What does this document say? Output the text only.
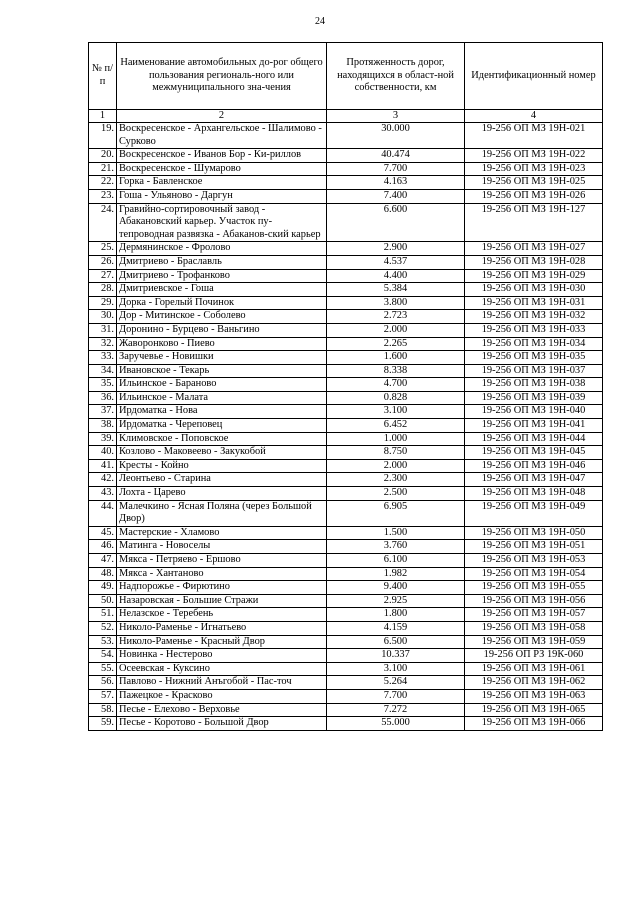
24
№ п/п	Наименование автомобильных до-рог общего пользования региональ-ного или межмуниципального зна-чения	Протяженность дорог, находящихся в област-ной собственности, км	Идентификационный номер
1	2	3	4
19.	Воскресенское - Архангельское - Шалимово - Сурково	30.000	19-256 ОП МЗ 19Н-021
20.	Воскресенское - Иванов Бор - Ки-риллов	40.474	19-256 ОП МЗ 19Н-022
21.	Воскресенское - Шумарово	7.700	19-256 ОП МЗ 19Н-023
22.	Горка - Бавленское	4.163	19-256 ОП МЗ 19Н-025
23.	Гоша - Ульяново - Даргун	7.400	19-256 ОП МЗ 19Н-026
24.	Гравийно-сортировочный завод - Абакановский карьер. Участок пу-тепроводная развязка - Абаканов-ский карьер	6.600	19-256 ОП МЗ 19Н-127
25.	Дермянинское - Фролово	2.900	19-256 ОП МЗ 19Н-027
26.	Дмитриево - Браславль	4.537	19-256 ОП МЗ 19Н-028
27.	Дмитриево - Трофанково	4.400	19-256 ОП МЗ 19Н-029
28.	Дмитриевское - Гоша	5.384	19-256 ОП МЗ 19Н-030
29.	Дорка - Горелый Починок	3.800	19-256 ОП МЗ 19Н-031
30.	Дор - Митинское - Соболево	2.723	19-256 ОП МЗ 19Н-032
31.	Доронино - Бурцево - Ваньгино	2.000	19-256 ОП МЗ 19Н-033
32.	Жаворонково - Пиево	2.265	19-256 ОП МЗ 19Н-034
33.	Заручевье - Новишки	1.600	19-256 ОП МЗ 19Н-035
34.	Ивановское - Текарь	8.338	19-256 ОП МЗ 19Н-037
35.	Ильинское - Бараново	4.700	19-256 ОП МЗ 19Н-038
36.	Ильинское - Малата	0.828	19-256 ОП МЗ 19Н-039
37.	Ирдоматка - Нова	3.100	19-256 ОП МЗ 19Н-040
38.	Ирдоматка - Череповец	6.452	19-256 ОП МЗ 19Н-041
39.	Климовское - Поповское	1.000	19-256 ОП МЗ 19Н-044
40.	Козлово - Маковеево - Закукобой	8.750	19-256 ОП МЗ 19Н-045
41.	Кресты - Койно	2.000	19-256 ОП МЗ 19Н-046
42.	Леонтьево - Старина	2.300	19-256 ОП МЗ 19Н-047
43.	Лохта - Царево	2.500	19-256 ОП МЗ 19Н-048
44.	Малечкино - Ясная Поляна (через Большой Двор)	6.905	19-256 ОП МЗ 19Н-049
45.	Мастерские - Хламово	1.500	19-256 ОП МЗ 19Н-050
46.	Матинга - Новоселы	3.760	19-256 ОП МЗ 19Н-051
47.	Мякса - Петряево - Ершово	6.100	19-256 ОП МЗ 19Н-053
48.	Мякса - Хантаново	1.982	19-256 ОП МЗ 19Н-054
49.	Надпорожье - Фирютино	9.400	19-256 ОП МЗ 19Н-055
50.	Назаровская - Большие Стражи	2.925	19-256 ОП МЗ 19Н-056
51.	Нелазское - Теребень	1.800	19-256 ОП МЗ 19Н-057
52.	Николо-Раменье - Игнатьево	4.159	19-256 ОП МЗ 19Н-058
53.	Николо-Раменье - Красный Двор	6.500	19-256 ОП МЗ 19Н-059
54.	Новинка - Нестерово	10.337	19-256 ОП РЗ 19К-060
55.	Осеевская - Куксино	3.100	19-256 ОП МЗ 19Н-061
56.	Павлово - Нижний Анъгобой - Пас-точ	5.264	19-256 ОП МЗ 19Н-062
57.	Пажецкое - Красково	7.700	19-256 ОП МЗ 19Н-063
58.	Песье - Елехово - Верховье	7.272	19-256 ОП МЗ 19Н-065
59.	Песье - Коротово - Большой Двор	55.000	19-256 ОП МЗ 19Н-066
